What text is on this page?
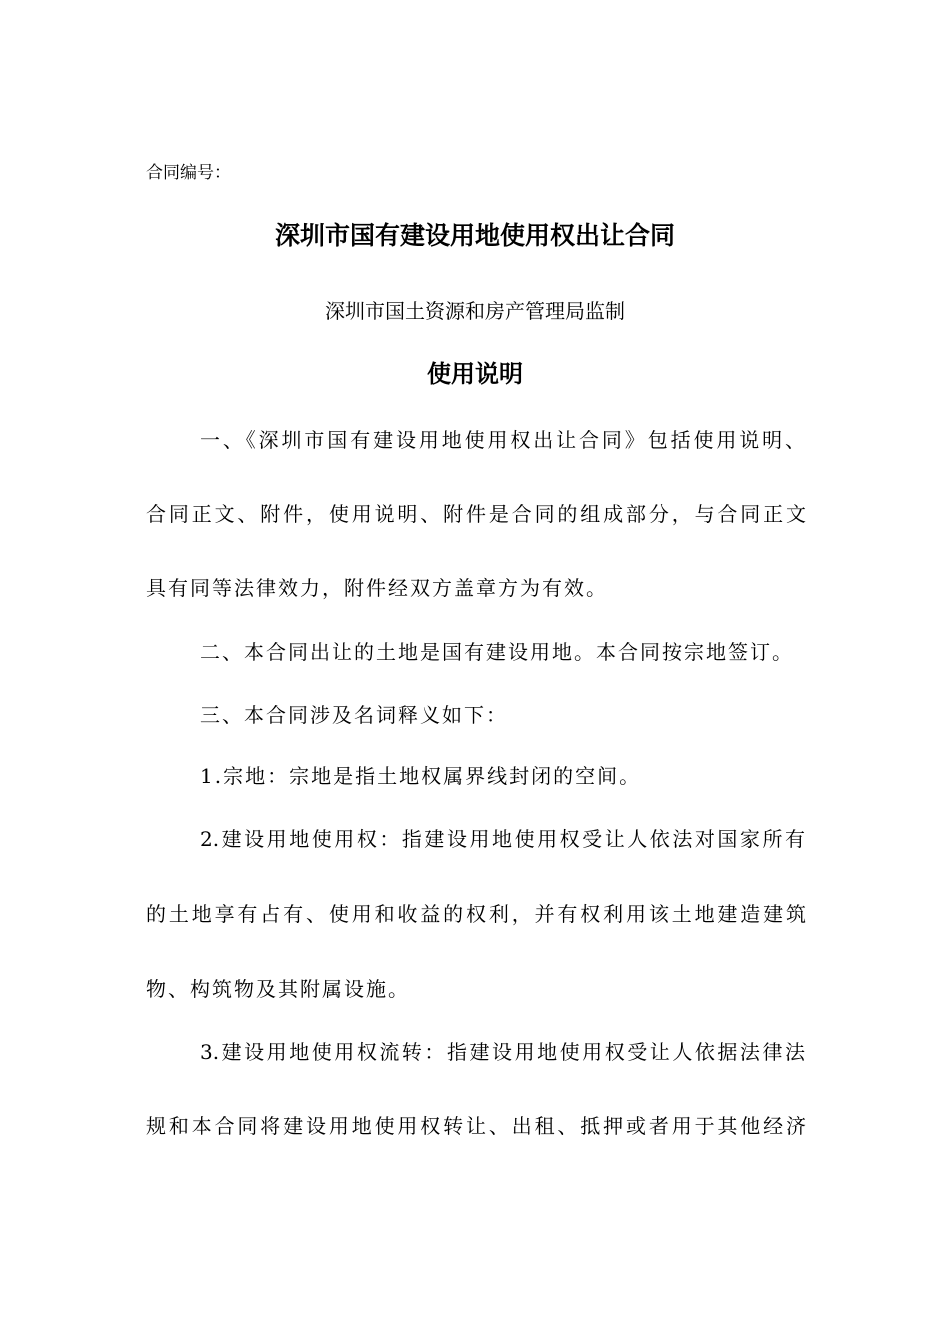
合同编号：
深圳市国有建设用地使用权出让合同
深圳市国土资源和房产管理局监制
使用说明
一、《深圳市国有建设用地使用权出让合同》包括使用说明、
合同正文、附件，使用说明、附件是合同的组成部分，与合同正文
具有同等法律效力，附件经双方盖章方为有效。
二、本合同出让的土地是国有建设用地。本合同按宗地签订。
三、本合同涉及名词释义如下：
1.宗地：宗地是指土地权属界线封闭的空间。
2.建设用地使用权：指建设用地使用权受让人依法对国家所有
的土地享有占有、使用和收益的权利，并有权利用该土地建造建筑
物、构筑物及其附属设施。
3.建设用地使用权流转：指建设用地使用权受让人依据法律法
规和本合同将建设用地使用权转让、出租、抵押或者用于其他经济
